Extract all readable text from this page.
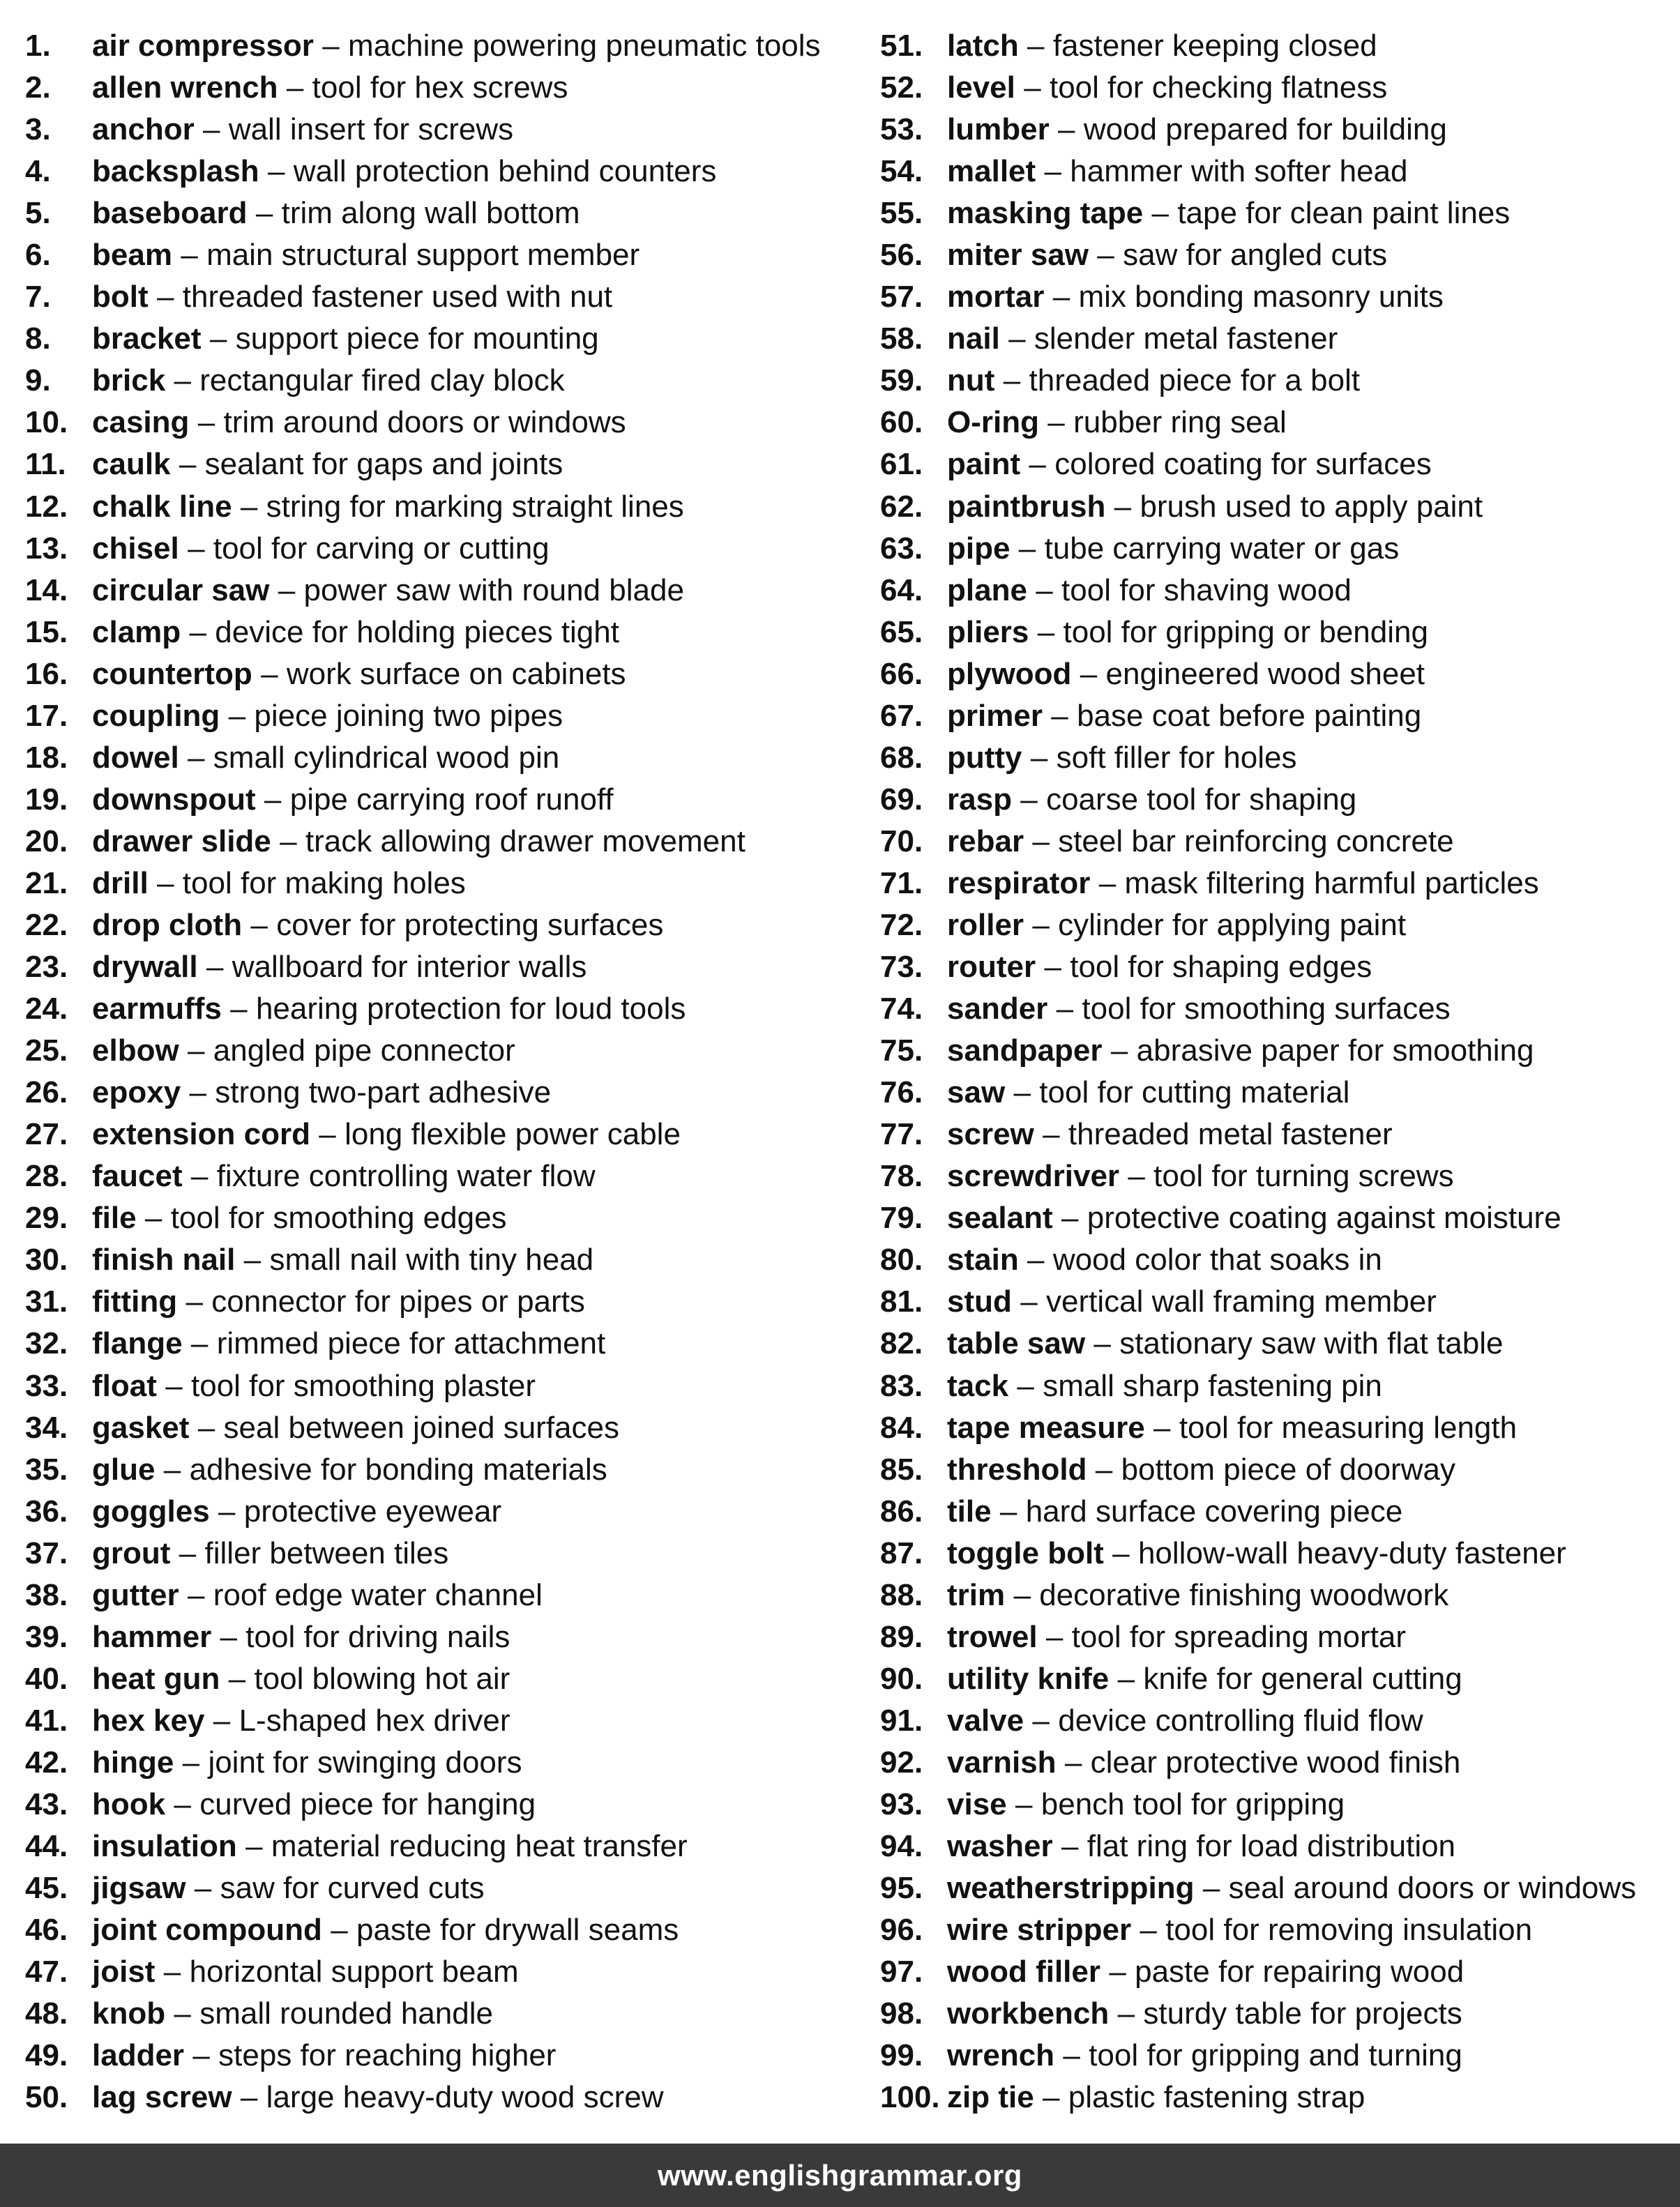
1.	air compressor – machine powering pneumatic tools
2.	allen wrench – tool for hex screws
3.	anchor – wall insert for screws
4.	backsplash – wall protection behind counters
5.	baseboard – trim along wall bottom
6.	beam – main structural support member
7.	bolt – threaded fastener used with nut
8.	bracket – support piece for mounting
9.	brick – rectangular fired clay block
10. casing – trim around doors or windows
11. caulk – sealant for gaps and joints
12. chalk line – string for marking straight lines
13. chisel – tool for carving or cutting
14. circular saw – power saw with round blade
15. clamp – device for holding pieces tight
16. countertop – work surface on cabinets
17. coupling – piece joining two pipes
18. dowel – small cylindrical wood pin
19. downspout – pipe carrying roof runoff
20. drawer slide – track allowing drawer movement
21. drill – tool for making holes
22. drop cloth – cover for protecting surfaces
23. drywall – wallboard for interior walls
24. earmuffs – hearing protection for loud tools
25. elbow – angled pipe connector
26. epoxy – strong two-part adhesive
27. extension cord – long flexible power cable
28. faucet – fixture controlling water flow
29. file – tool for smoothing edges
30. finish nail – small nail with tiny head
31. fitting – connector for pipes or parts
32. flange – rimmed piece for attachment
33. float – tool for smoothing plaster
34. gasket – seal between joined surfaces
35. glue – adhesive for bonding materials
36. goggles – protective eyewear
37. grout – filler between tiles
38. gutter – roof edge water channel
39. hammer – tool for driving nails
40. heat gun – tool blowing hot air
41. hex key – L-shaped hex driver
42. hinge – joint for swinging doors
43. hook – curved piece for hanging
44. insulation – material reducing heat transfer
45. jigsaw – saw for curved cuts
46. joint compound – paste for drywall seams
47. joist – horizontal support beam
48. knob – small rounded handle
49. ladder – steps for reaching higher
50. lag screw – large heavy-duty wood screw
51. latch – fastener keeping closed
52. level – tool for checking flatness
53. lumber – wood prepared for building
54. mallet – hammer with softer head
55. masking tape – tape for clean paint lines
56. miter saw – saw for angled cuts
57. mortar – mix bonding masonry units
58. nail – slender metal fastener
59. nut – threaded piece for a bolt
60. O-ring – rubber ring seal
61. paint – colored coating for surfaces
62. paintbrush – brush used to apply paint
63. pipe – tube carrying water or gas
64. plane – tool for shaving wood
65. pliers – tool for gripping or bending
66. plywood – engineered wood sheet
67. primer – base coat before painting
68. putty – soft filler for holes
69. rasp – coarse tool for shaping
70. rebar – steel bar reinforcing concrete
71. respirator – mask filtering harmful particles
72. roller – cylinder for applying paint
73. router – tool for shaping edges
74. sander – tool for smoothing surfaces
75. sandpaper – abrasive paper for smoothing
76. saw – tool for cutting material
77. screw – threaded metal fastener
78. screwdriver – tool for turning screws
79. sealant – protective coating against moisture
80. stain – wood color that soaks in
81. stud – vertical wall framing member
82. table saw – stationary saw with flat table
83. tack – small sharp fastening pin
84. tape measure – tool for measuring length
85. threshold – bottom piece of doorway
86. tile – hard surface covering piece
87. toggle bolt – hollow-wall heavy-duty fastener
88. trim – decorative finishing woodwork
89. trowel – tool for spreading mortar
90. utility knife – knife for general cutting
91. valve – device controlling fluid flow
92. varnish – clear protective wood finish
93. vise – bench tool for gripping
94. washer – flat ring for load distribution
95. weatherstripping – seal around doors or windows
96. wire stripper – tool for removing insulation
97. wood filler – paste for repairing wood
98. workbench – sturdy table for projects
99. wrench – tool for gripping and turning
100. zip tie – plastic fastening strap
www.englishgrammar.org
